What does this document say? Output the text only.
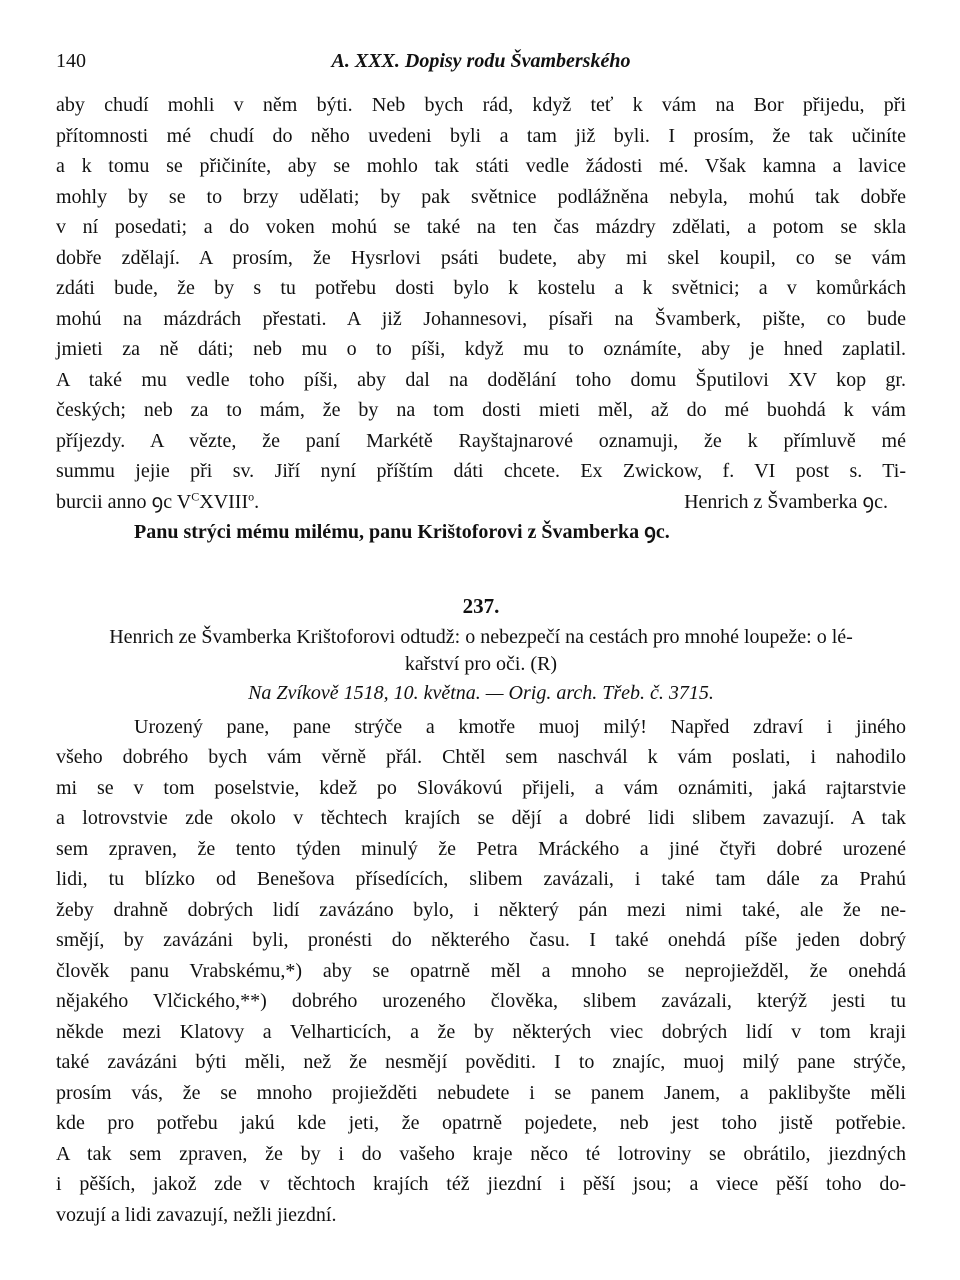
140	A. XXX. Dopisy rodu Švamberského
aby chudí mohli v něm býti. Neb bych rád, když teť k vám na Bor přijedu, při
přítomnosti mé chudí do něho uvedeni byli a tam již byli. I prosím, že tak učiníte
a k tomu se přičiníte, aby se mohlo tak státi vedle žádosti mé. Však kamna a lavice
mohly by se to brzy udělati; by pak světnice podlážněna nebyla, mohú tak dobře
v ní posedati; a do voken mohú se také na ten čas mázdry zdělati, a potom se skla
dobře zdělají. A prosím, že Hysrlovi psáti budete, aby mi skel koupil, co se vám
zdáti bude, že by s tu potřebu dosti bylo k kostelu a k světnici; a v komůrkách
mohú na mázdrách přestati. A již Johannesovi, písaři na Švamberk, pište, co bude
jmieti za ně dáti; neb mu o to píši, když mu to oznámíte, aby je hned zaplatil.
A také mu vedle toho píši, aby dal na dodělání toho domu Šputilovi XV kop gr.
českých; neb za to mám, že by na tom dosti mieti měl, až do mé buohdá k vám
příjezdy. A vězte, že paní Markétě Rayštajnarové oznamuji, že k přímluvě mé
summu jejie při sv. Jiří nyní příštím dáti chcete. Ex Zwickow, f. VI post s. Ti-
burcii anno ꝯc $V^CXVIII^o$.	Henrich z Švamberka ꝯc.
Panu strýci mému milému, panu Krištoforovi z Švamberka ꝯc.
237.
Henrich ze Švamberka Krištoforovi odtudž: o nebezpečí na cestách pro mnohé loupeže: o lé-
kařství pro oči. (R)
Na Zvíkově 1518, 10. května. — Orig. arch. Třeb. č. 3715.
Urozený pane, pane strýče a kmotře muoj milý! Napřed zdraví i jiného
všeho dobrého bych vám věrně přál. Chtěl sem naschvál k vám poslati, i nahodilo
mi se v tom poselstvie, kdež po Slovákovú přijeli, a vám oznámiti, jaká rajtarstvie
a lotrovstvie zde okolo v těchtech krajích se dějí a dobré lidi slibem zavazují. A tak
sem zpraven, že tento týden minulý že Petra Mráckého a jiné čtyři dobré urozené
lidi, tu blízko od Benešova přísedících, slibem zavázali, i také tam dále za Prahú
žeby drahně dobrých lidí zavázáno bylo, i některý pán mezi nimi také, ale že ne-
smějí, by zavázáni byli, pronésti do některého času. I také onehdá píše jeden dobrý
člověk panu Vrabskému,*) aby se opatrně měl a mnoho se neprojiežděl, že onehdá
nějakého Vlčického,**) dobrého urozeného člověka, slibem zavázali, kterýž jesti tu
někde mezi Klatovy a Velharticích, a že by některých viec dobrých lidí v tom kraji
také zavázáni býti měli, než že nesmějí pověditi. I to znajíc, muoj milý pane strýče,
prosím vás, že se mnoho projiežděti nebudete i se panem Janem, a paklibyšte měli
kde pro potřebu jakú kde jeti, že opatrně pojedete, neb jest toho jistě potřebie.
A tak sem zpraven, že by i do vašeho kraje něco té lotroviny se obrátilo, jiezdných
i pěších, jakož zde v těchtoch krajích též jiezdní i pěší jsou; a viece pěší toho do-
vozují a lidi zavazují, nežli jiezdní.
